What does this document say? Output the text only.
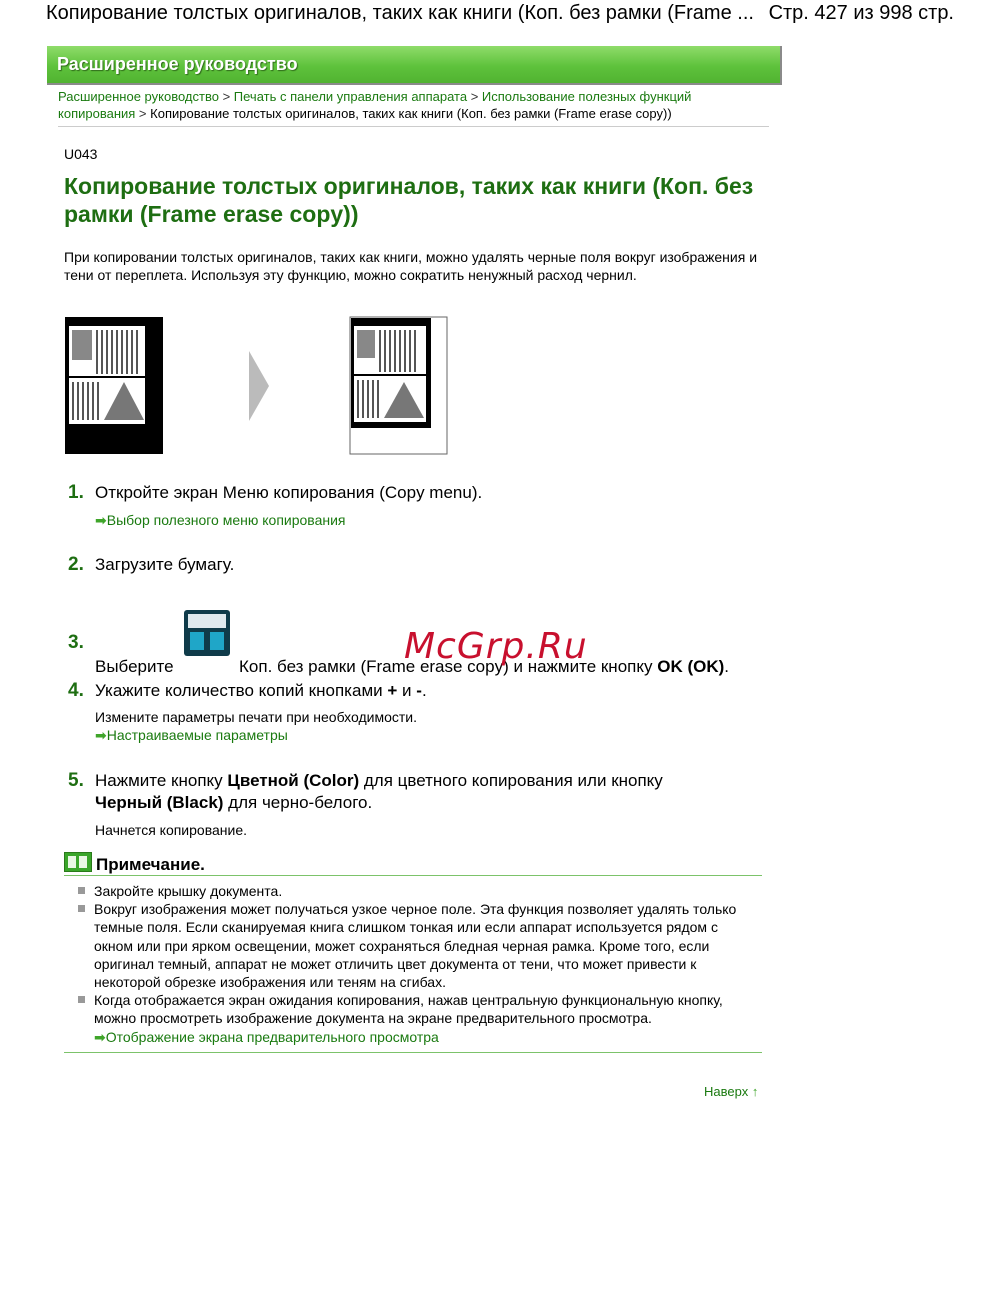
Копирование толстых оригиналов, таких как книги (Коп. без рамки (Frame ... Стр. 427 из 998 стр.
Расширенное руководство
Расширенное руководство > Печать с панели управления аппарата > Использование полезных функций копирования > Копирование толстых оригиналов, таких как книги (Коп. без рамки (Frame erase copy))
U043
Копирование толстых оригиналов, таких как книги (Коп. без рамки (Frame erase copy))
При копировании толстых оригиналов, таких как книги, можно удалять черные поля вокруг изображения и тени от переплета. Используя эту функцию, можно сократить ненужный расход чернил.
1. Откройте экран Меню копирования (Copy menu).
➡Выбор полезного меню копирования
2. Загрузите бумагу.
3.
Выберите	Коп. без рамки (Frame erase copy) и нажмите кнопку OK (OK).
4. Укажите количество копий кнопками + и -.
Измените параметры печати при необходимости.
➡Настраиваемые параметры
5. Нажмите кнопку Цветной (Color) для цветного копирования или кнопку
Черный (Black) для черно-белого.
Начнется копирование.
Примечание.
Закройте крышку документа.
Вокруг изображения может получаться узкое черное поле. Эта функция позволяет удалять только темные поля. Если сканируемая книга слишком тонкая или если аппарат используется рядом с окном или при ярком освещении, может сохраняться бледная черная рамка. Кроме того, если оригинал темный, аппарат не может отличить цвет документа от тени, что может привести к некоторой обрезке изображения или теням на сгибах.
Когда отображается экран ожидания копирования, нажав центральную функциональную кнопку, можно просмотреть изображение документа на экране предварительного просмотра.
➡Отображение экрана предварительного просмотра
Наверх ↑
McGrp.Ru
